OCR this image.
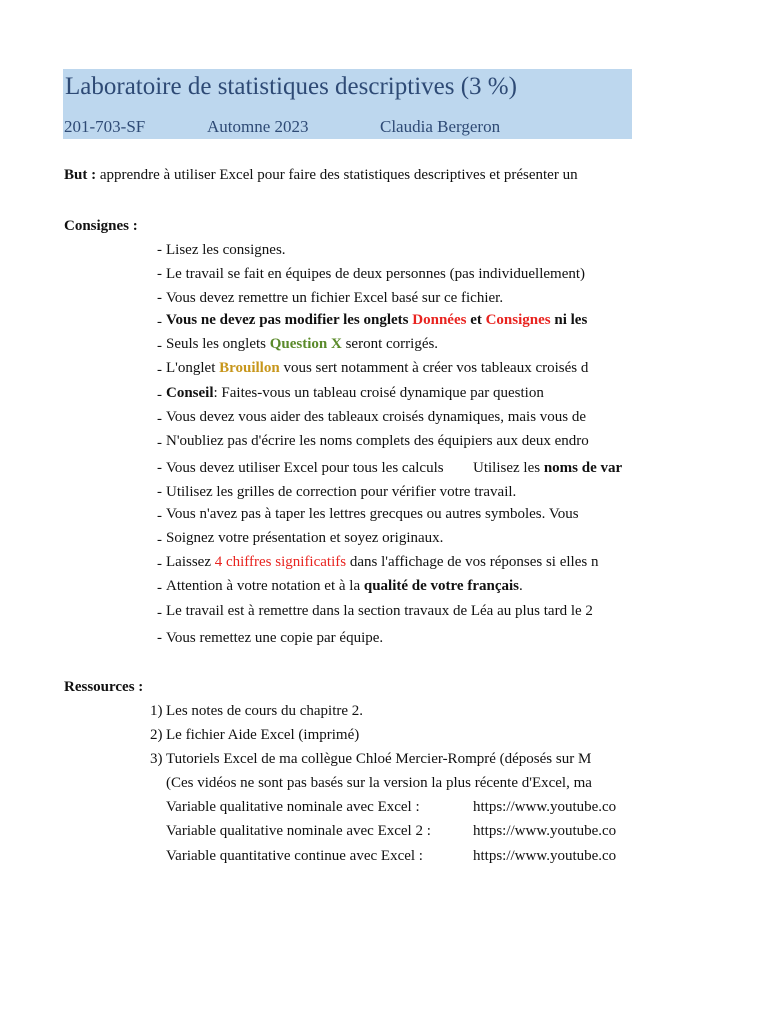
Laboratoire de statistiques descriptives (3 %)
201-703-SF	Automne 2023	Claudia Bergeron
But : apprendre à utiliser Excel pour faire des statistiques descriptives et présenter un
Consignes :
- Lisez les consignes.
- Le travail se fait en équipes de deux personnes (pas individuellement)
- Vous devez remettre un fichier Excel basé sur ce fichier.
- Vous ne devez pas modifier les onglets Données et Consignes ni les
- Seuls les onglets Question X seront corrigés.
- L'onglet Brouillon vous sert notamment à créer vos tableaux croisés d
- Conseil: Faites-vous un tableau croisé dynamique par question
- Vous devez vous aider des tableaux croisés dynamiques, mais vous de
- N'oubliez pas d'écrire les noms complets des équipiers aux deux endro
- Vous devez utiliser Excel pour tous les calculs Utilisez les noms de var
- Utilisez les grilles de correction pour vérifier votre travail.
- Vous n'avez pas à taper les lettres grecques ou autres symboles. Vous
- Soignez votre présentation et soyez originaux.
- Laissez 4 chiffres significatifs dans l'affichage de vos réponses si elles n
- Attention à votre notation et à la qualité de votre français.
- Le travail est à remettre dans la section travaux de Léa au plus tard le 2
- Vous remettez une copie par équipe.
Ressources :
1) Les notes de cours du chapitre 2.
2) Le fichier Aide Excel (imprimé)
3) Tutoriels Excel de ma collègue Chloé Mercier-Rompré (déposés sur M
(Ces vidéos ne sont pas basés sur la version la plus récente d'Excel, ma
Variable qualitative nominale avec Excel :	https://www.youtube.co
Variable qualitative nominale avec Excel 2 :	https://www.youtube.co
Variable quantitative continue avec Excel :	https://www.youtube.co
